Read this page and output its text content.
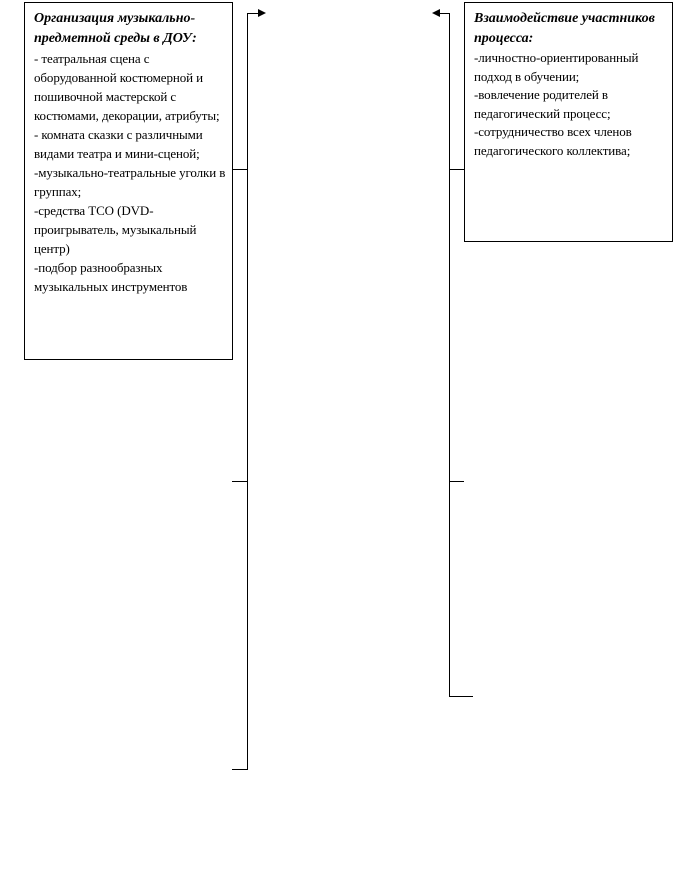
Организация музыкально-предметной среды в ДОУ:

- театральная сцена с оборудованной костюмерной и пошивочной мастерской с костюмами, декорации, атрибуты;
- комната сказки с различными видами театра и мини-сценой;
-музыкально-театральные уголки в группах;
-средства ТСО (DVD-проигрыватель, музыкальный центр)
-подбор разнообразных музыкальных инструментов

Взаимодействие участников процесса:

-личностно-ориентированный подход в обучении;
-вовлечение родителей в педагогический процесс;
-сотрудничество всех членов педагогического коллектива;
